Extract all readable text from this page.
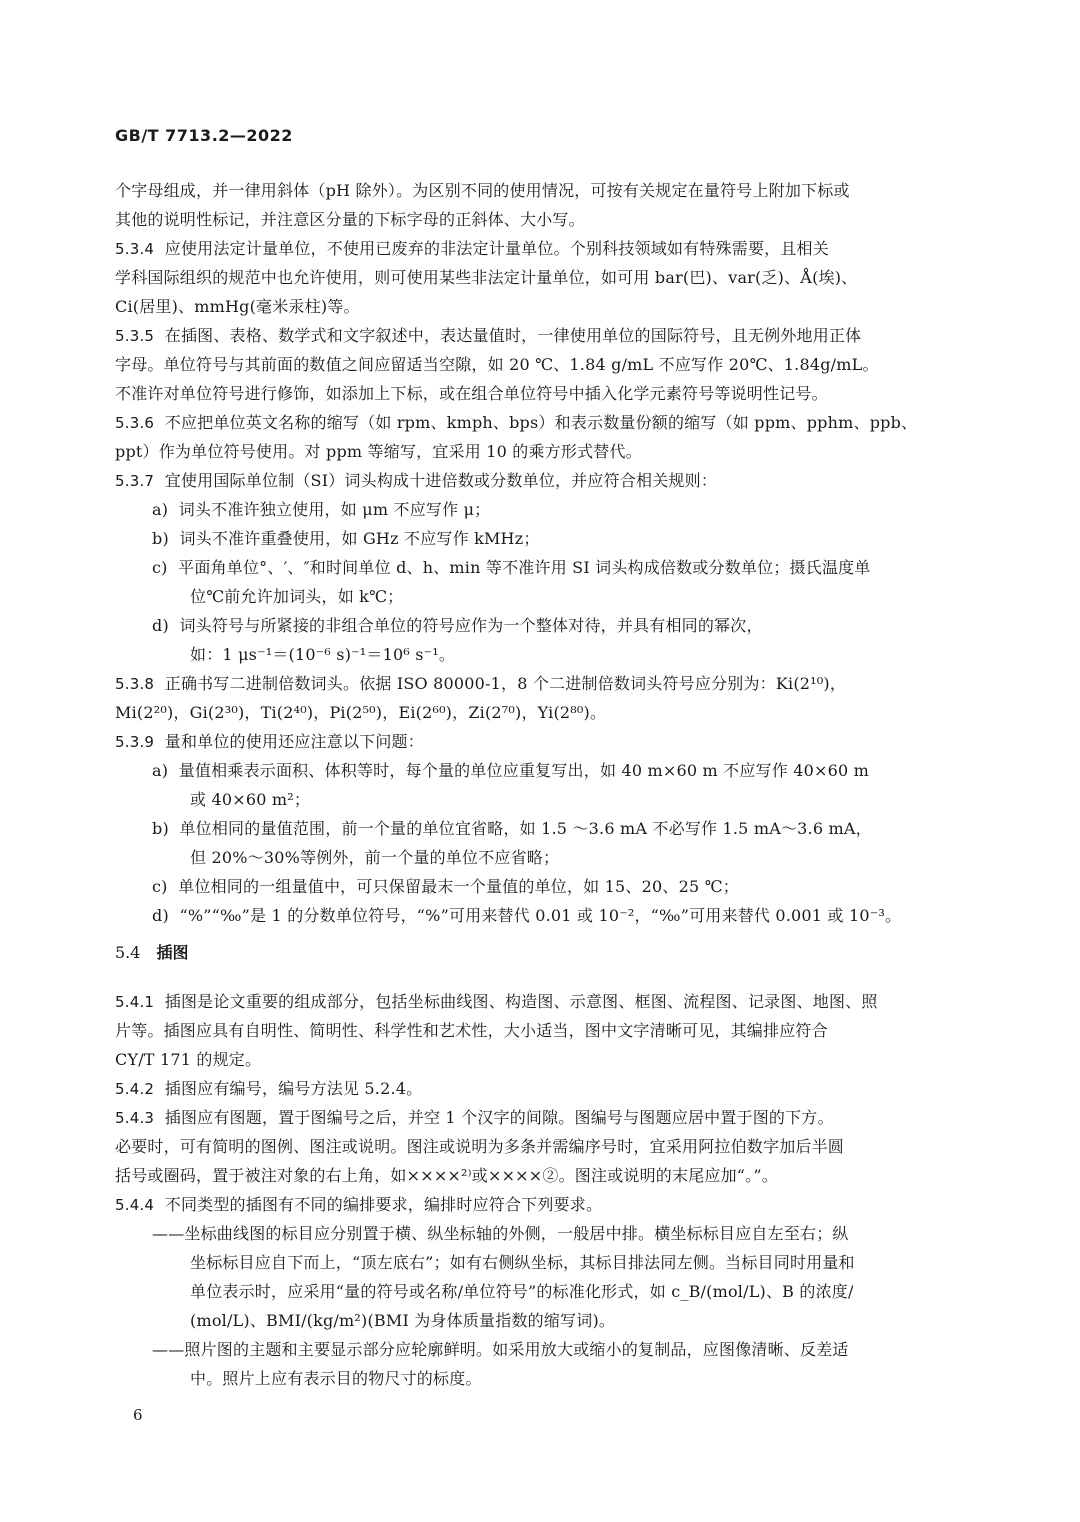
GB/T 7713.2—2022
个字母组成，并一律用斜体（pH 除外）。为区别不同的使用情况，可按有关规定在量符号上附加下标或
其他的说明性标记，并注意区分量的下标字母的正斜体、大小写。
5.3.4  应使用法定计量单位，不使用已废弃的非法定计量单位。个别科技领域如有特殊需要，且相关
学科国际组织的规范中也允许使用，则可使用某些非法定计量单位，如可用 bar(巴)、var(乏)、Å(埃)、
Ci(居里)、mmHg(毫米汞柱)等。
5.3.5  在插图、表格、数学式和文字叙述中，表达量值时，一律使用单位的国际符号，且无例外地用正体
字母。单位符号与其前面的数值之间应留适当空隙，如 20 ℃、1.84 g/mL 不应写作 20℃、1.84g/mL。
不准许对单位符号进行修饰，如添加上下标，或在组合单位符号中插入化学元素符号等说明性记号。
5.3.6  不应把单位英文名称的缩写（如 rpm、kmph、bps）和表示数量份额的缩写（如 ppm、pphm、ppb、
ppt）作为单位符号使用。对 ppm 等缩写，宜采用 10 的乘方形式替代。
5.3.7  宜使用国际单位制（SI）词头构成十进倍数或分数单位，并应符合相关规则：
a)  词头不准许独立使用，如 μm 不应写作 μ；
b)  词头不准许重叠使用，如 GHz 不应写作 kMHz；
c)  平面角单位°、′、″和时间单位 d、h、min 等不准许用 SI 词头构成倍数或分数单位；摄氏温度单
位℃前允许加词头，如 k℃；
d)  词头符号与所紧接的非组合单位的符号应作为一个整体对待，并具有相同的幂次，
如：1 μs⁻¹＝(10⁻⁶ s)⁻¹＝10⁶ s⁻¹。
5.3.8  正确书写二进制倍数词头。依据 ISO 80000-1，8 个二进制倍数词头符号应分别为：Ki(2¹⁰)，
Mi(2²⁰)，Gi(2³⁰)，Ti(2⁴⁰)，Pi(2⁵⁰)，Ei(2⁶⁰)，Zi(2⁷⁰)，Yi(2⁸⁰)。
5.3.9  量和单位的使用还应注意以下问题：
a)  量值相乘表示面积、体积等时，每个量的单位应重复写出，如 40 m×60 m 不应写作 40×60 m
或 40×60 m²；
b)  单位相同的量值范围，前一个量的单位宜省略，如 1.5 ～3.6 mA 不必写作 1.5 mA～3.6 mA，
但 20%～30%等例外，前一个量的单位不应省略；
c)  单位相同的一组量值中，可只保留最末一个量值的单位，如 15、20、25 ℃；
d)  “%”“‰”是 1 的分数单位符号，“%”可用来替代 0.01 或 10⁻²，“‰”可用来替代 0.001 或 10⁻³。
5.4.1  插图是论文重要的组成部分，包括坐标曲线图、构造图、示意图、框图、流程图、记录图、地图、照
片等。插图应具有自明性、简明性、科学性和艺术性，大小适当，图中文字清晰可见，其编排应符合
CY/T 171 的规定。
5.4.2  插图应有编号，编号方法见 5.2.4。
5.4.3  插图应有图题，置于图编号之后，并空 1 个汉字的间隙。图编号与图题应居中置于图的下方。
必要时，可有简明的图例、图注或说明。图注或说明为多条并需编序号时，宜采用阿拉伯数字加后半圆
括号或圈码，置于被注对象的右上角，如××××²⁾或××××②。图注或说明的末尾应加“。”。
5.4.4  不同类型的插图有不同的编排要求，编排时应符合下列要求。
——坐标曲线图的标目应分别置于横、纵坐标轴的外侧，一般居中排。横坐标标目应自左至右；纵
坐标标目应自下而上，“顶左底右”；如有右侧纵坐标，其标目排法同左侧。当标目同时用量和
单位表示时，应采用“量的符号或名称/单位符号”的标准化形式，如 c_B/(mol/L)、B 的浓度/
(mol/L)、BMI/(kg/m²)(BMI 为身体质量指数的缩写词)。
——照片图的主题和主要显示部分应轮廓鲜明。如采用放大或缩小的复制品，应图像清晰、反差适
中。照片上应有表示目的物尺寸的标度。
5.4 插图
6
